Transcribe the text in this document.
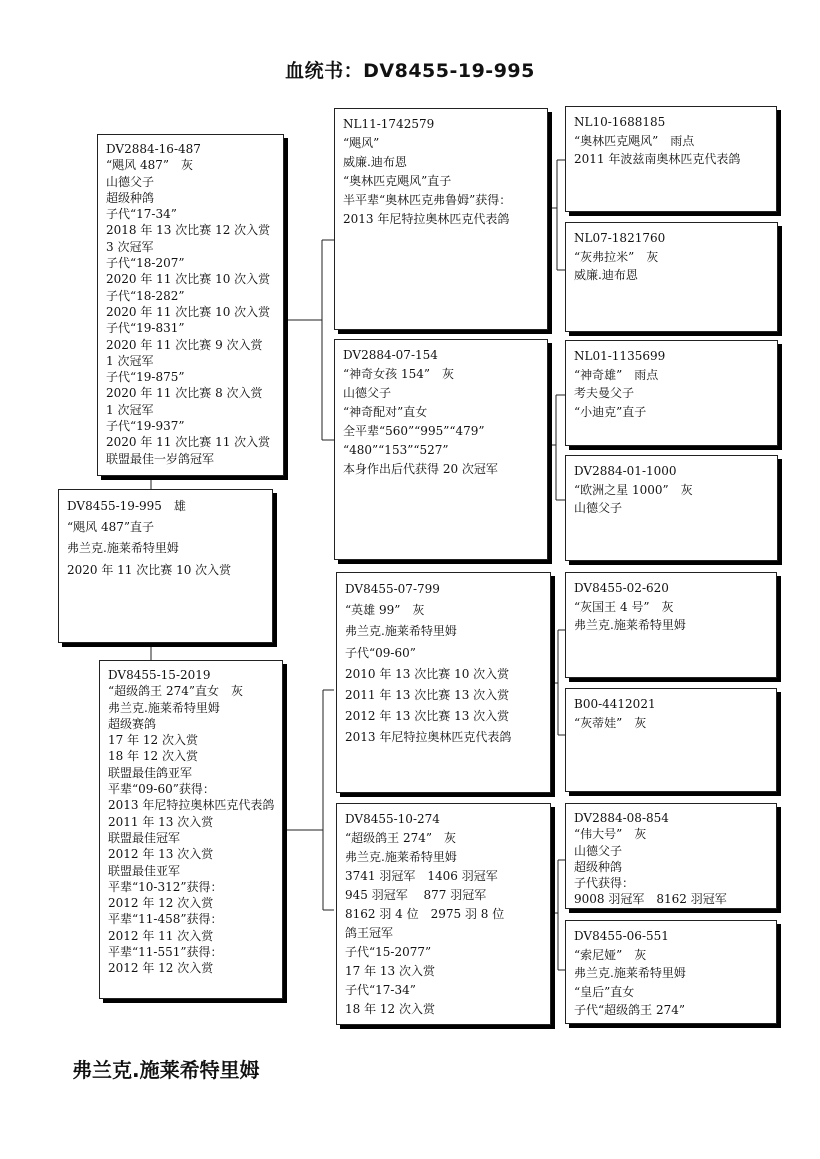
血统书：DV8455-19-995
DV2884-16-487
“飓风 487”　灰
山德父子
超级种鸽
子代“17-34”
2018 年 13 次比赛 12 次入赏
3 次冠军
子代“18-207”
2020 年 11 次比赛 10 次入赏
子代“18-282”
2020 年 11 次比赛 10 次入赏
子代“19-831”
2020 年 11 次比赛 9 次入赏
1 次冠军
子代“19-875”
2020 年 11 次比赛 8 次入赏
1 次冠军
子代“19-937”
2020 年 11 次比赛 11 次入赏
联盟最佳一岁鸽冠军
DV8455-19-995　雄
“飓风 487”直子
弗兰克.施莱希特里姆
2020 年 11 次比赛 10 次入赏
DV8455-15-2019
“超级鸽王 274”直女　灰
弗兰克.施莱希特里姆
超级赛鸽
17 年 12 次入赏
18 年 12 次入赏
联盟最佳鸽亚军
平辈“09-60”获得：
2013 年尼特拉奥林匹克代表鸽
2011 年 13 次入赏
联盟最佳冠军
2012 年 13 次入赏
联盟最佳亚军
平辈“10-312”获得：
2012 年 12 次入赏
平辈“11-458”获得：
2012 年 11 次入赏
平辈“11-551”获得：
2012 年 12 次入赏
NL11-1742579
“飓风”
威廉.迪布恩
“奥林匹克飓风”直子
半平辈“奥林匹克弗鲁姆”获得：
2013 年尼特拉奥林匹克代表鸽
DV2884-07-154
“神奇女孩 154”　灰
山德父子
“神奇配对”直女
全平辈“560”“995”“479”
“480”“153”“527”
本身作出后代获得 20 次冠军
DV8455-07-799
“英雄 99”　灰
弗兰克.施莱希特里姆
子代“09-60”
2010 年 13 次比赛 10 次入赏
2011 年 13 次比赛 13 次入赏
2012 年 13 次比赛 13 次入赏
2013 年尼特拉奥林匹克代表鸽
DV8455-10-274
“超级鸽王 274”　灰
弗兰克.施莱希特里姆
3741 羽冠军　1406 羽冠军
945 羽冠军　 877 羽冠军
8162 羽 4 位　2975 羽 8 位
鸽王冠军
子代“15-2077”
17 年 13 次入赏
子代“17-34”
18 年 12 次入赏
NL10-1688185
“奥林匹克飓风”　雨点
2011 年波兹南奥林匹克代表鸽
NL07-1821760
“灰弗拉米”　灰
威廉.迪布恩
NL01-1135699
“神奇雄”　雨点
考夫曼父子
“小迪克”直子
DV2884-01-1000
“欧洲之星 1000”　灰
山德父子
DV8455-02-620
“灰国王 4 号”　灰
弗兰克.施莱希特里姆
B00-4412021
“灰蒂娃”　灰
DV2884-08-854
“伟大号”　灰
山德父子
超级种鸽
子代获得：
9008 羽冠军　8162 羽冠军
DV8455-06-551
“索尼娅”　灰
弗兰克.施莱希特里姆
“皇后”直女
子代“超级鸽王 274”
弗兰克.施莱希特里姆
